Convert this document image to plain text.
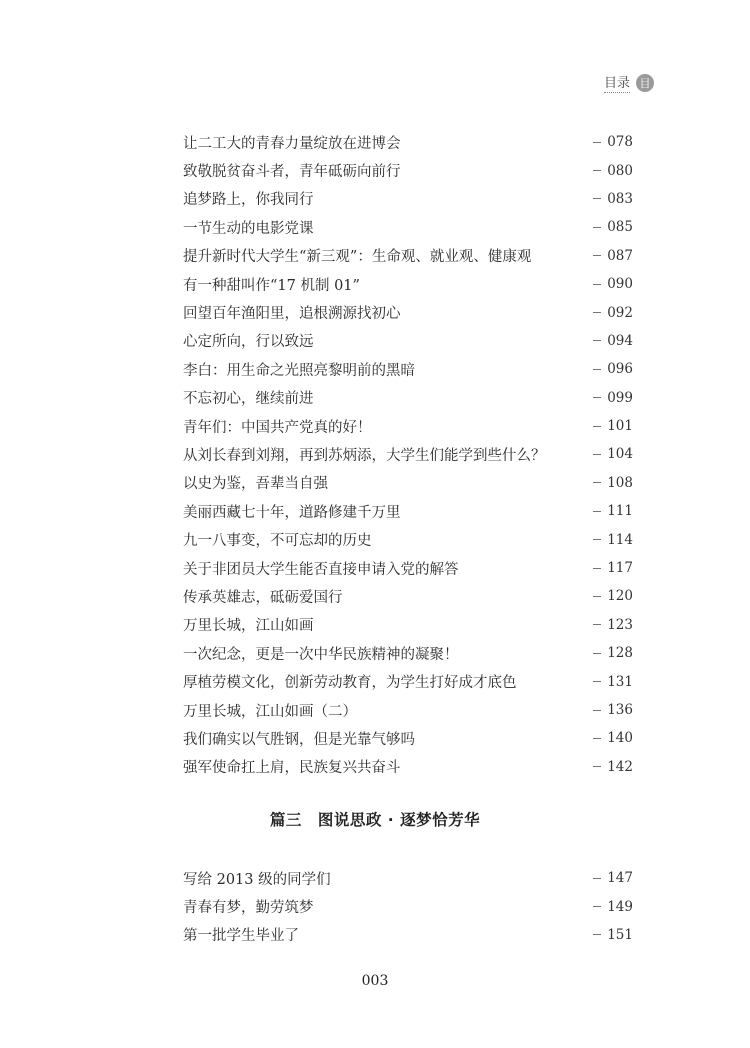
目录 目
让二工大的青春力量绽放在进博会	078
致敬脱贫奋斗者，青年砥砺向前行	080
追梦路上，你我同行	083
一节生动的电影党课	085
提升新时代大学生“新三观”：生命观、就业观、健康观	087
有一种甜叫作“17 机制 01”	090
回望百年渔阳里，追根溯源找初心	092
心定所向，行以致远	094
李白：用生命之光照亮黎明前的黑暗	096
不忘初心，继续前进	099
青年们：中国共产党真的好！	101
从刘长春到刘翔，再到苏炳添，大学生们能学到些什么？	104
以史为鉴，吾辈当自强	108
美丽西藏七十年，道路修建千万里	111
九一八事变，不可忘却的历史	114
关于非团员大学生能否直接申请入党的解答	117
传承英雄志，砥砺爱国行	120
万里长城，江山如画	123
一次纪念，更是一次中华民族精神的凝聚！	128
厚植劳模文化，创新劳动教育，为学生打好成才底色	131
万里长城，江山如画（二）	136
我们确实以气胜钢，但是光靠气够吗	140
强军使命扛上肩，民族复兴共奋斗	142
篇三　图说思政 · 逐梦恰芳华
写给 2013 级的同学们	147
青春有梦，勤劳筑梦	149
第一批学生毕业了	151
003
